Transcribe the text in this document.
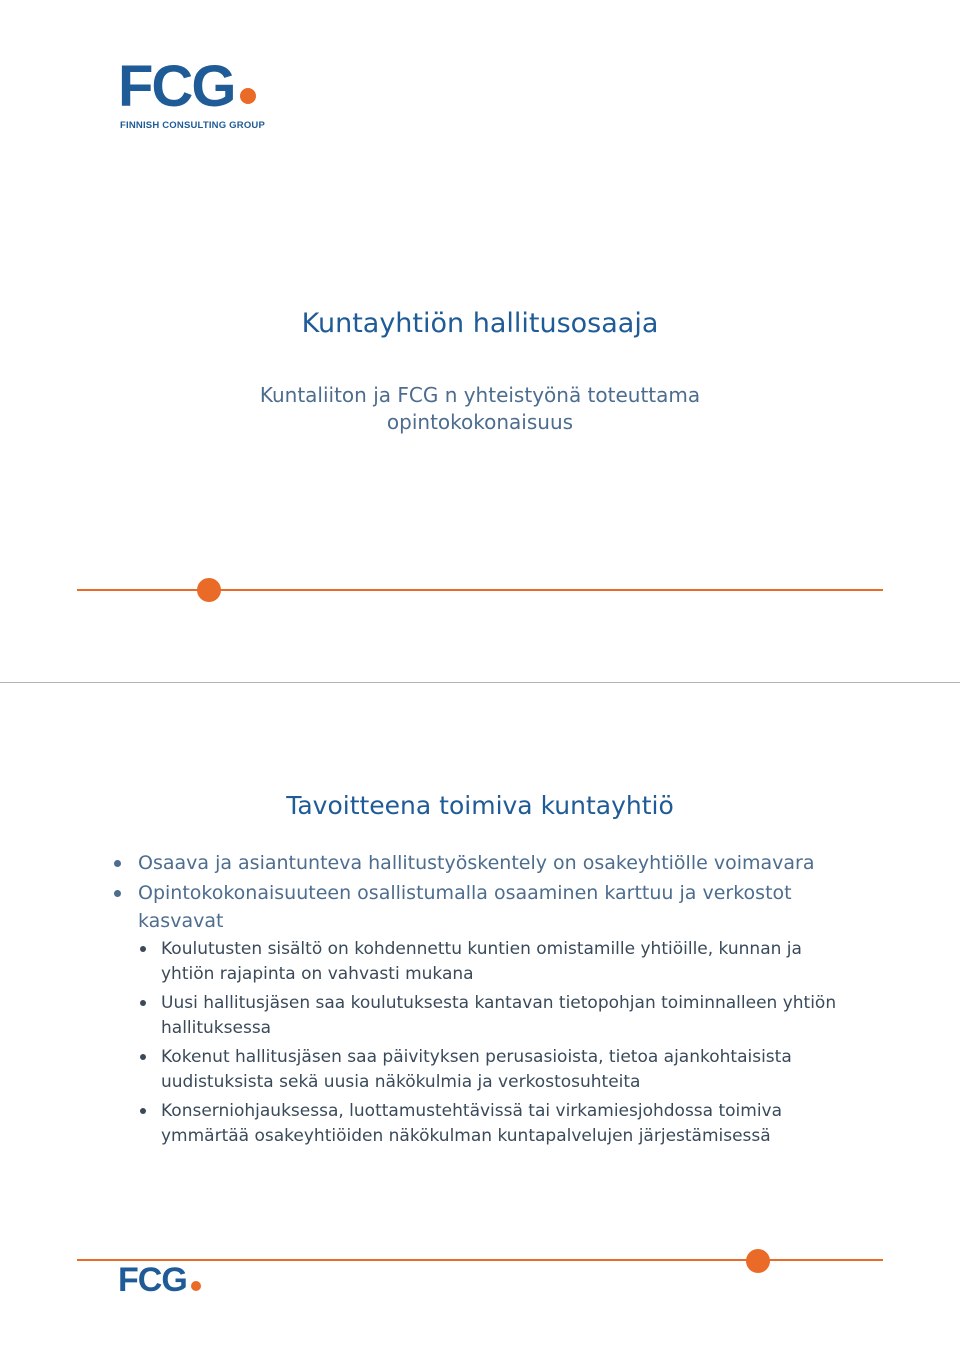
FCG
FINNISH CONSULTING GROUP
Kuntayhtiön hallitusosaaja
Kuntaliiton ja FCG n yhteistyönä toteuttama opintokokonaisuus
Tavoitteena toimiva kuntayhtiö
Osaava ja asiantunteva hallitustyöskentely on osakeyhtiölle voimavara
Opintokokonaisuuteen osallistumalla osaaminen karttuu ja verkostot kasvavat
Koulutusten sisältö on kohdennettu kuntien omistamille yhtiöille, kunnan ja yhtiön rajapinta on vahvasti mukana
Uusi hallitusjäsen saa koulutuksesta kantavan tietopohjan toiminnalleen yhtiön hallituksessa
Kokenut hallitusjäsen saa päivityksen perusasioista, tietoa ajankohtaisista uudistuksista sekä uusia näkökulmia ja verkostosuhteita
Konserniohjauksessa, luottamustehtävissä tai virkamiesjohdossa toimiva ymmärtää osakeyhtiöiden näkökulman kuntapalvelujen järjestämisessä
FCG
